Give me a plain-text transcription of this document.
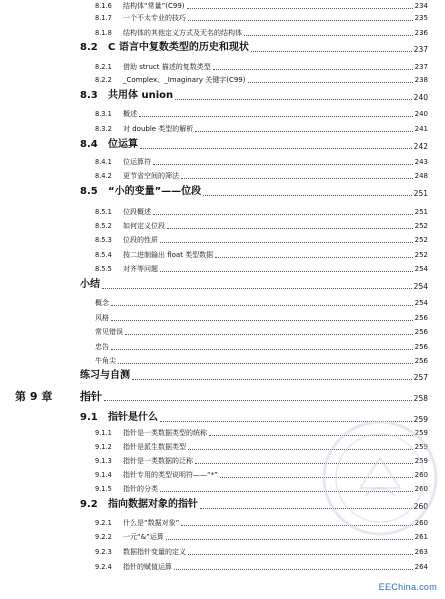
8.1.6	结构体“常量”(C99)	234
8.1.7	一个不太专业的技巧	235
8.1.8	结构体的其他定义方式及无名的结构体	236
8.2	C 语言中复数类型的历史和现状	237
8.2.1	借助 struct 描述的复数类型	237
8.2.2	_Complex、_Imaginary 关键字(C99)	238
8.3	共用体 union	240
8.3.1	概述	240
8.3.2	对 double 类型的解析	241
8.4	位运算	242
8.4.1	位运算符	243
8.4.2	更节省空间的筛法	248
8.5	“小的变量”——位段	251
8.5.1	位段概述	251
8.5.2	如何定义位段	252
8.5.3	位段的性质	252
8.5.4	按二进制输出 float 类型数据	252
8.5.5	对齐等问题	254
小结	254
概念	254
风格	256
常见错误	256
忠告	256
牛角尖	256
练习与自测	257
第 9 章	指针	258
9.1	指针是什么	259
9.1.1	指针是一类数据类型的统称	259
9.1.2	指针是派生数据类型	259
9.1.3	指针是一类数据的泛称	259
9.1.4	指针专用的类型说明符——“*”	260
9.1.5	指针的分类	260
9.2	指向数据对象的指针	260
9.2.1	什么是“数据对象”	260
9.2.2	一元“&”运算	261
9.2.3	数据指针变量的定义	263
9.2.4	指针的赋值运算	264
EEChina.com
